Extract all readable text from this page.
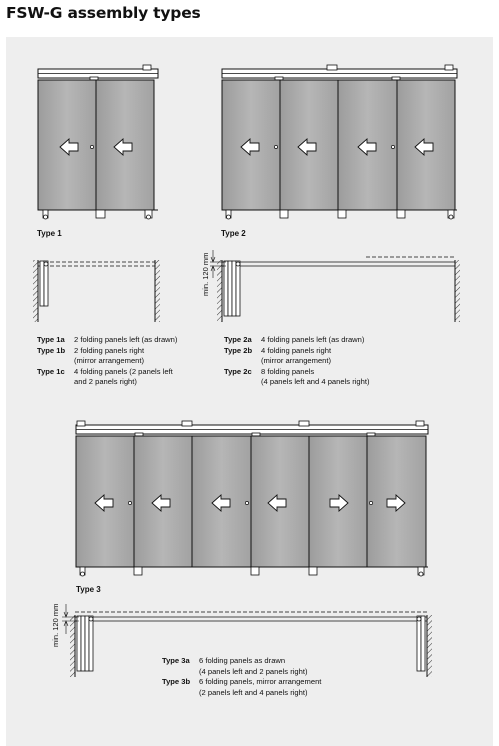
FSW-G assembly types
Type 1	Type 2
Type 3
min. 120 mm
min. 120 mm
Type 1a	2 folding panels left (as drawn)
Type 1b	2 folding panels right
(mirror arrangement)
Type 1c	4 folding panels (2 panels left
and 2 panels right)
Type 2a	4 folding panels left (as drawn)
Type 2b	4 folding panels right
(mirror arrangement)
Type 2c	8 folding panels
(4 panels left and 4 panels right)
Type 3a	6 folding panels as drawn
(4 panels left and 2 panels right)
Type 3b	6 folding panels, mirror arrangement
(2 panels left and 4 panels right)
